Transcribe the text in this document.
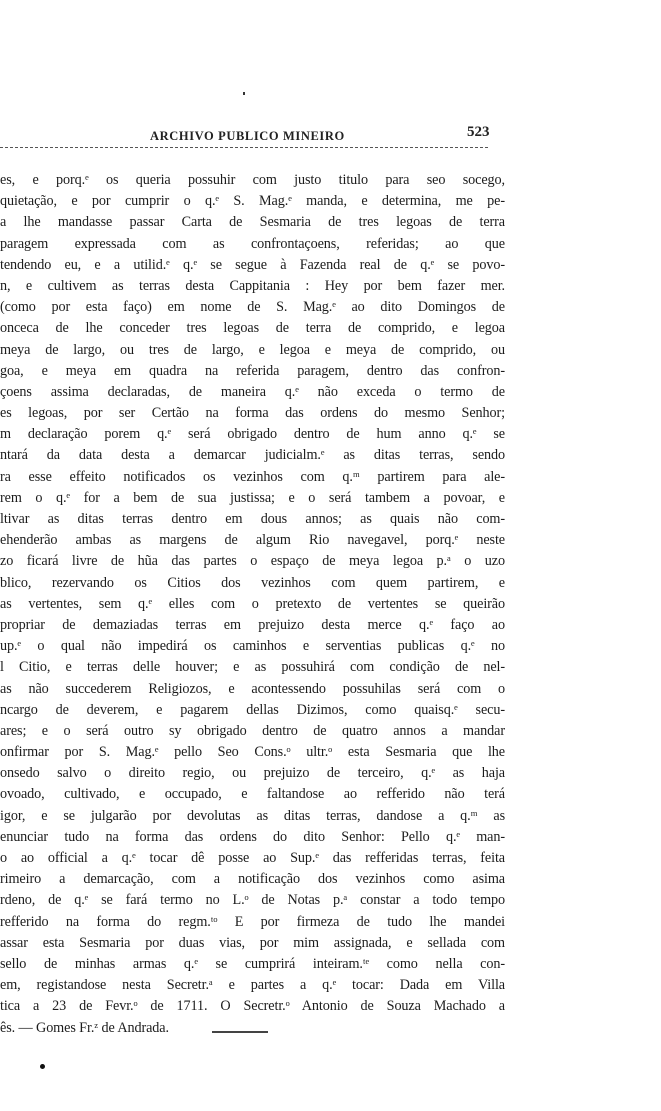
ARCHIVO PUBLICO MINEIRO	523
es, e porq.ᵉ os queria possuhir com justo titulo para seo socego,
quietação, e por cumprir o q.ᵉ S. Mag.ᵉ manda, e determina, me pe-
a lhe mandasse passar Carta de Sesmaria de tres legoas de terra
paragem expressada com as confrontaçoens, referidas; ao que
tendendo eu, e a utilid.ᵉ q.ᵉ se segue à Fazenda real de q.ᵉ se povo-
n, e cultivem as terras desta Cappitania : Hey por bem fazer mer.
(como por esta faço) em nome de S. Mag.ᵉ ao dito Domingos de
onceca de lhe conceder tres legoas de terra de comprido, e legoa
meya de largo, ou tres de largo, e legoa e meya de comprido, ou
goa, e meya em quadra na referida paragem, dentro das confron-
çoens assima declaradas, de maneira q.ᵉ não exceda o termo de
es legoas, por ser Certão na forma das ordens do mesmo Senhor;
m declaração porem q.ᵉ será obrigado dentro de hum anno q.ᵉ se
ntará da data desta a demarcar judicialm.ᵉ as ditas terras, sendo
ra esse effeito notificados os vezinhos com q.ᵐ partirem para ale-
rem o q.ᵉ for a bem de sua justissa; e o será tambem a povoar, e
ltivar as ditas terras dentro em dous annos; as quais não com-
ehenderão ambas as margens de algum Rio navegavel, porq.ᵉ neste
zo ficará livre de hũa das partes o espaço de meya legoa p.ᵃ o uzo
blico, rezervando os Citios dos vezinhos com quem partirem, e
as vertentes, sem q.ᵉ elles com o pretexto de vertentes se queirão
propriar de demaziadas terras em prejuizo desta merce q.ᵉ faço ao
up.ᵉ o qual não impedirá os caminhos e serventias publicas q.ᵉ no
l Citio, e terras delle houver; e as possuhirá com condição de nel-
as não succederem Religiozos, e acontessendo possuhilas será com o
ncargo de deverem, e pagarem dellas Dizimos, como quaisq.ᵉ secu-
ares; e o será outro sy obrigado dentro de quatro annos a mandar
onfirmar por S. Mag.ᵉ pello Seo Cons.ᵒ ultr.ᵒ esta Sesmaria que lhe
onsedo salvo o direito regio, ou prejuizo de terceiro, q.ᵉ as haja
ovoado, cultivado, e occupado, e faltandose ao refferido não terá
igor, e se julgarão por devolutas as ditas terras, dandose a q.ᵐ as
enunciar tudo na forma das ordens do dito Senhor: Pello q.ᵉ man-
o ao official a q.ᵉ tocar dê posse ao Sup.ᵉ das refferidas terras, feita
rimeiro a demarcação, com a notificação dos vezinhos como asima
rdeno, de q.ᵉ se fará termo no L.ᵒ de Notas p.ᵃ constar a todo tempo
refferido na forma do regm.ᵗᵒ E por firmeza de tudo lhe mandei
assar esta Sesmaria por duas vias, por mim assignada, e sellada com
sello de minhas armas q.ᵉ se cumprirá inteiram.ᵗᵉ como nella con-
em, registandose nesta Secretr.ᵃ e partes a q.ᵉ tocar: Dada em Villa
tica a 23 de Fevr.ᵒ de 1711. O Secretr.ᵒ Antonio de Souza Machado a
ês. — Gomes Fr.ᶻ de Andrada.
